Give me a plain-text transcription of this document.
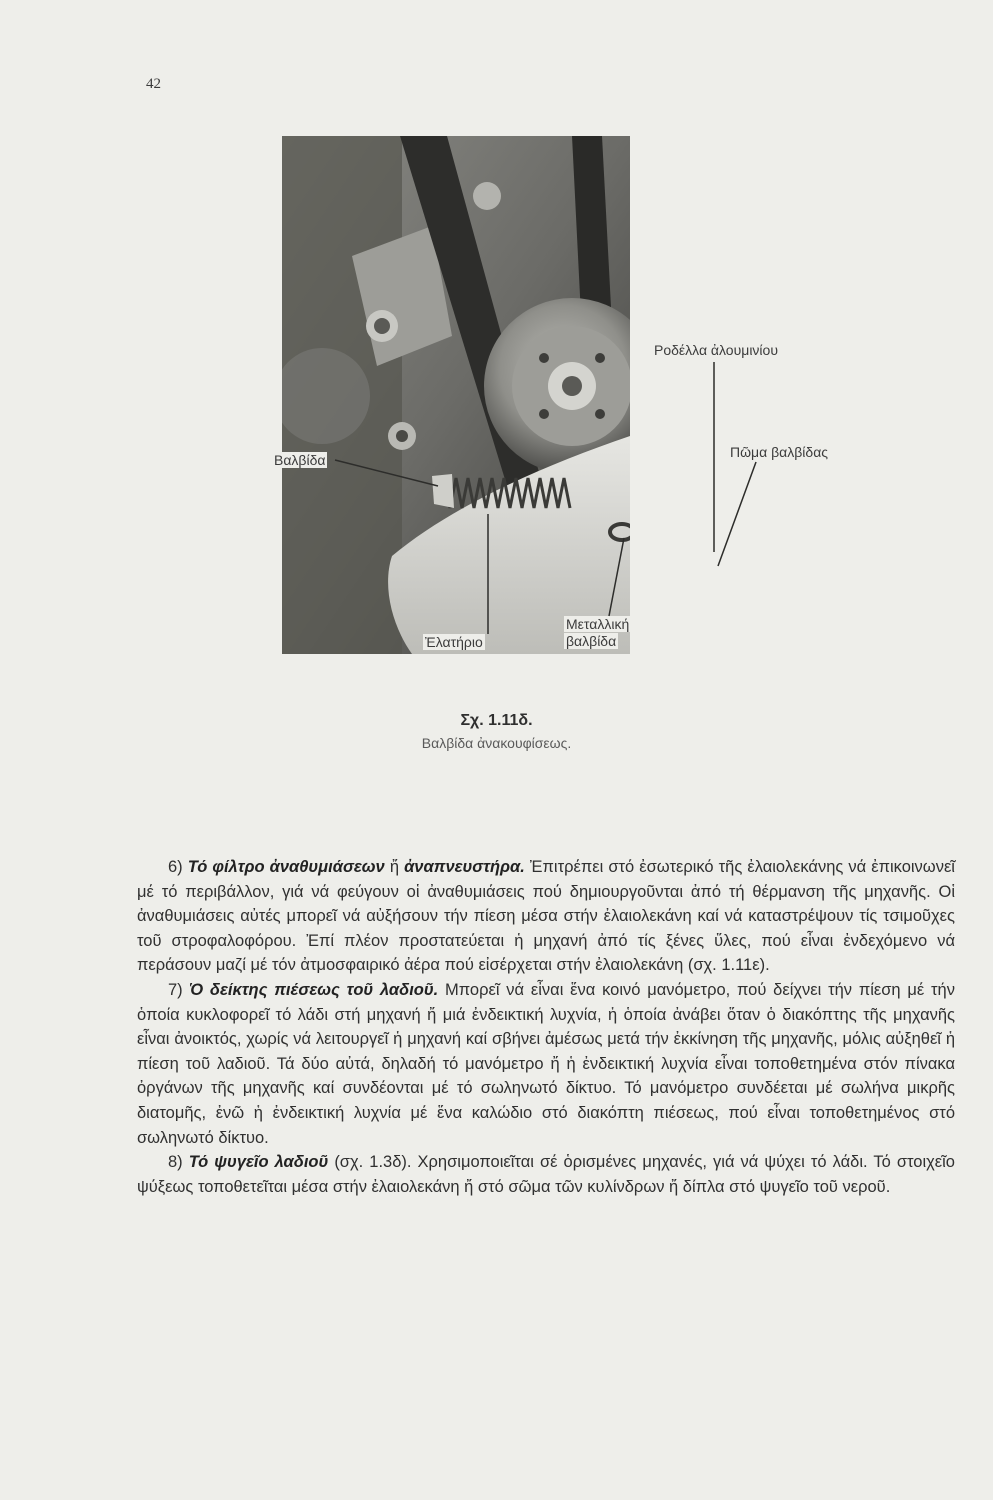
42
Ροδέλλα ἀλουμινίου
Βαλβίδα	Πῶμα βαλβίδας
Μεταλλική
βαλβίδα
Ἐλατήριο
Σχ. 1.11δ.
Βαλβίδα ἀνακουφίσεως.

6) Τό φίλτρο ἀναθυμιάσεων ἤ ἀναπνευστήρα. Ἐπιτρέπει στό ἐσωτερικό τῆς ἐλαιολεκάνης νά ἐπικοινωνεῖ μέ τό περιβάλλον, γιά νά φεύγουν οἱ ἀναθυμιάσεις πού δημιουργοῦνται ἀπό τή θέρμανση τῆς μηχανῆς. Οἱ ἀναθυμιάσεις αὐτές μπορεῖ νά αὐξήσουν τήν πίεση μέσα στήν ἐλαιολεκάνη καί νά καταστρέψουν τίς τσιμοῦχες τοῦ στροφαλοφόρου. Ἐπί πλέον προστατεύεται ἡ μηχανή ἀπό τίς ξένες ὕλες, πού εἶναι ἐνδεχόμενο νά περάσουν μαζί μέ τόν ἀτμοσφαιρικό ἀέρα πού εἰσέρχεται στήν ἐλαιολεκάνη (σχ. 1.11ε).

7) Ὁ δείκτης πιέσεως τοῦ λαδιοῦ. Μπορεῖ νά εἶναι ἕνα κοινό μανόμετρο, πού δείχνει τήν πίεση μέ τήν ὁποία κυκλοφορεῖ τό λάδι στή μηχανή ἤ μιά ἐνδεικτική λυχνία, ἡ ὁποία ἀνάβει ὅταν ὁ διακόπτης τῆς μηχανῆς εἶναι ἀνοικτός, χωρίς νά λειτουργεῖ ἡ μηχανή καί σβήνει ἀμέσως μετά τήν ἐκκίνηση τῆς μηχανῆς, μόλις αὐξηθεῖ ἡ πίεση τοῦ λαδιοῦ. Τά δύο αὐτά, δηλαδή τό μανόμετρο ἤ ἡ ἐνδεικτική λυχνία εἶναι τοποθετημένα στόν πίνακα ὀργάνων τῆς μηχανῆς καί συνδέονται μέ τό σωληνωτό δίκτυο. Τό μανόμετρο συνδέεται μέ σωλήνα μικρῆς διατομῆς, ἐνῶ ἡ ἐνδεικτική λυχνία μέ ἕνα καλώδιο στό διακόπτη πιέσεως, πού εἶναι τοποθετημένος στό σωληνωτό δίκτυο.

8) Τό ψυγεῖο λαδιοῦ (σχ. 1.3δ). Χρησιμοποιεῖται σέ ὁρισμένες μηχανές, γιά νά ψύχει τό λάδι. Τό στοιχεῖο ψύξεως τοποθετεῖται μέσα στήν ἐλαιολεκάνη ἤ στό σῶμα τῶν κυλίνδρων ἤ δίπλα στό ψυγεῖο τοῦ νεροῦ.
